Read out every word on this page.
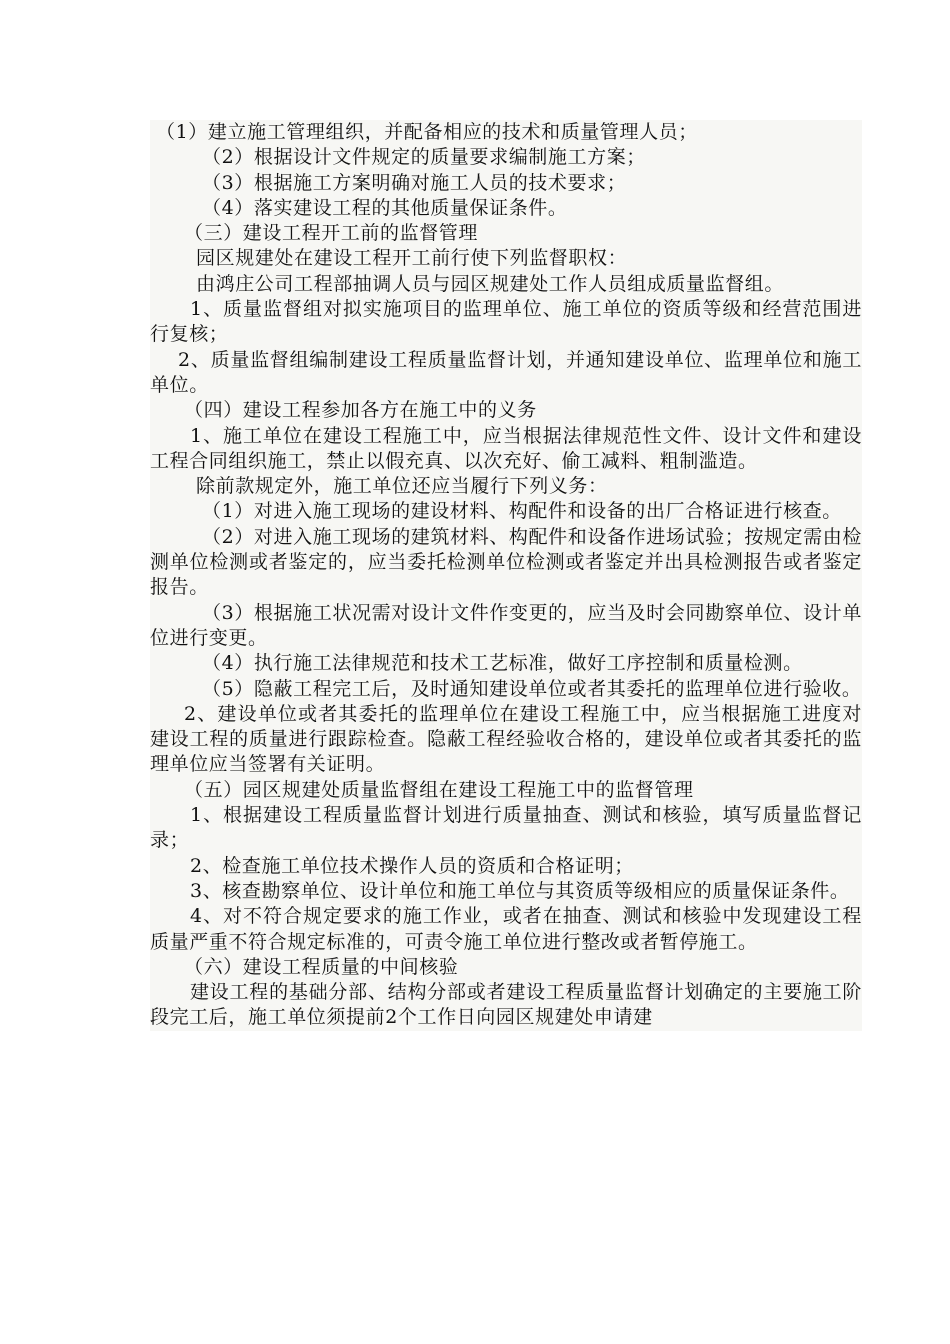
（1）建立施工管理组织，并配备相应的技术和质量管理人员；

（2）根据设计文件规定的质量要求编制施工方案；

（3）根据施工方案明确对施工人员的技术要求；

（4）落实建设工程的其他质量保证条件。

（三）建设工程开工前的监督管理

园区规建处在建设工程开工前行使下列监督职权：

由鸿庄公司工程部抽调人员与园区规建处工作人员组成质量监督组。

1、质量监督组对拟实施项目的监理单位、施工单位的资质等级和经营范围进行复核；

2、质量监督组编制建设工程质量监督计划，并通知建设单位、监理单位和施工单位。

（四）建设工程参加各方在施工中的义务

1、施工单位在建设工程施工中，应当根据法律规范性文件、设计文件和建设工程合同组织施工，禁止以假充真、以次充好、偷工减料、粗制滥造。

除前款规定外，施工单位还应当履行下列义务：

（1）对进入施工现场的建设材料、构配件和设备的出厂合格证进行核查。

（2）对进入施工现场的建筑材料、构配件和设备作进场试验；按规定需由检测单位检测或者鉴定的，应当委托检测单位检测或者鉴定并出具检测报告或者鉴定报告。

（3）根据施工状况需对设计文件作变更的，应当及时会同勘察单位、设计单位进行变更。

（4）执行施工法律规范和技术工艺标准，做好工序控制和质量检测。

（5）隐蔽工程完工后，及时通知建设单位或者其委托的监理单位进行验收。

2、建设单位或者其委托的监理单位在建设工程施工中，应当根据施工进度对建设工程的质量进行跟踪检查。隐蔽工程经验收合格的，建设单位或者其委托的监理单位应当签署有关证明。

（五）园区规建处质量监督组在建设工程施工中的监督管理

1、根据建设工程质量监督计划进行质量抽查、测试和核验，填写质量监督记录；

2、检查施工单位技术操作人员的资质和合格证明；

3、核查勘察单位、设计单位和施工单位与其资质等级相应的质量保证条件。

4、对不符合规定要求的施工作业，或者在抽查、测试和核验中发现建设工程质量严重不符合规定标准的，可责令施工单位进行整改或者暂停施工。

（六）建设工程质量的中间核验

建设工程的基础分部、结构分部或者建设工程质量监督计划确定的主要施工阶段完工后，施工单位须提前2个工作日向园区规建处申请建
